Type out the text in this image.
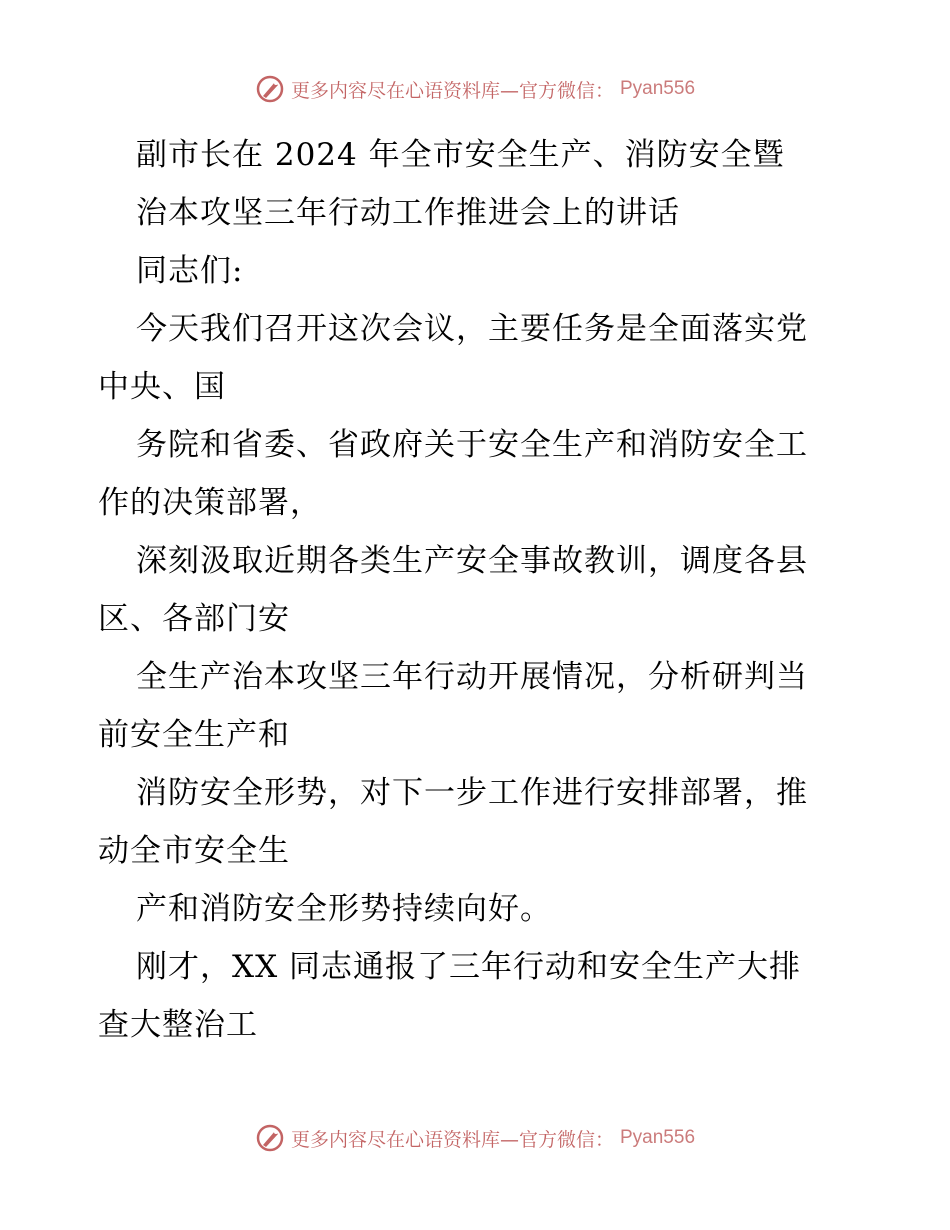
更多内容尽在心语资料库—官方微信： Pyan556
副市长在 2024 年全市安全生产、消防安全暨
治本攻坚三年行动工作推进会上的讲话
同志们:
今天我们召开这次会议，主要任务是全面落实党
中央、国
务院和省委、省政府关于安全生产和消防安全工
作的决策部署，
深刻汲取近期各类生产安全事故教训，调度各县
区、各部门安
全生产治本攻坚三年行动开展情况，分析研判当
前安全生产和
消防安全形势，对下一步工作进行安排部署，推
动全市安全生
产和消防安全形势持续向好。
刚才，XX 同志通报了三年行动和安全生产大排
查大整治工
更多内容尽在心语资料库—官方微信： Pyan556
